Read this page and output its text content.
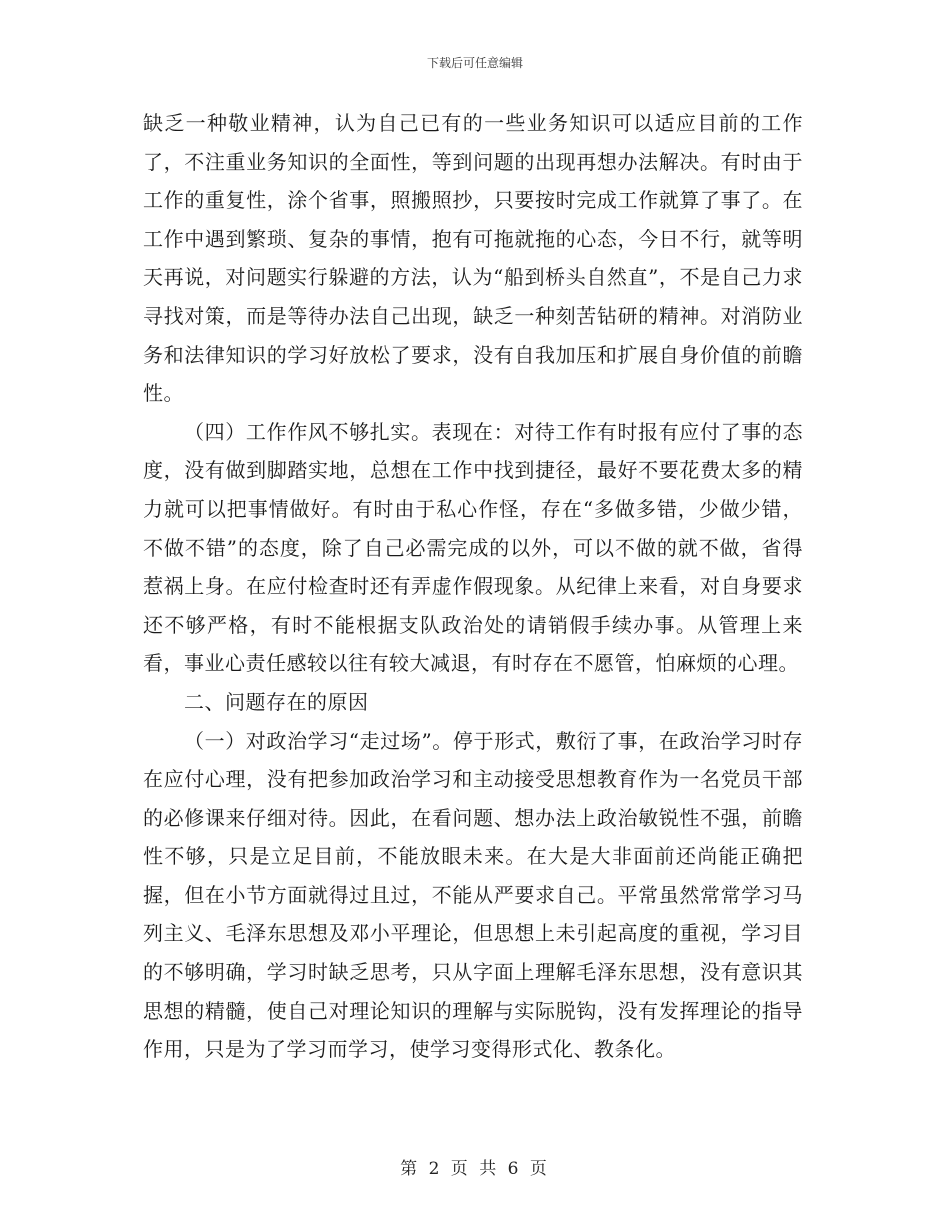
下载后可任意编辑

缺乏一种敬业精神，认为自己已有的一些业务知识可以适应目前的工作了，不注重业务知识的全面性，等到问题的出现再想办法解决。有时由于工作的重复性，涂个省事，照搬照抄，只要按时完成工作就算了事了。在工作中遇到繁琐、复杂的事情，抱有可拖就拖的心态，今日不行，就等明天再说，对问题实行躲避的方法，认为“船到桥头自然直”，不是自己力求寻找对策，而是等待办法自己出现，缺乏一种刻苦钻研的精神。对消防业务和法律知识的学习好放松了要求，没有自我加压和扩展自身价值的前瞻性。

（四）工作作风不够扎实。表现在：对待工作有时报有应付了事的态度，没有做到脚踏实地，总想在工作中找到捷径，最好不要花费太多的精力就可以把事情做好。有时由于私心作怪，存在“多做多错，少做少错，不做不错”的态度，除了自己必需完成的以外，可以不做的就不做，省得惹祸上身。在应付检查时还有弄虚作假现象。从纪律上来看，对自身要求还不够严格，有时不能根据支队政治处的请销假手续办事。从管理上来看，事业心责任感较以往有较大减退，有时存在不愿管，怕麻烦的心理。

二、问题存在的原因

（一）对政治学习“走过场”。停于形式，敷衍了事，在政治学习时存在应付心理，没有把参加政治学习和主动接受思想教育作为一名党员干部的必修课来仔细对待。因此，在看问题、想办法上政治敏锐性不强，前瞻性不够，只是立足目前，不能放眼未来。在大是大非面前还尚能正确把握，但在小节方面就得过且过，不能从严要求自己。平常虽然常常学习马列主义、毛泽东思想及邓小平理论，但思想上未引起高度的重视，学习目的不够明确，学习时缺乏思考，只从字面上理解毛泽东思想，没有意识其思想的精髓，使自己对理论知识的理解与实际脱钩，没有发挥理论的指导作用，只是为了学习而学习，使学习变得形式化、教条化。

第 2 页 共 6 页
